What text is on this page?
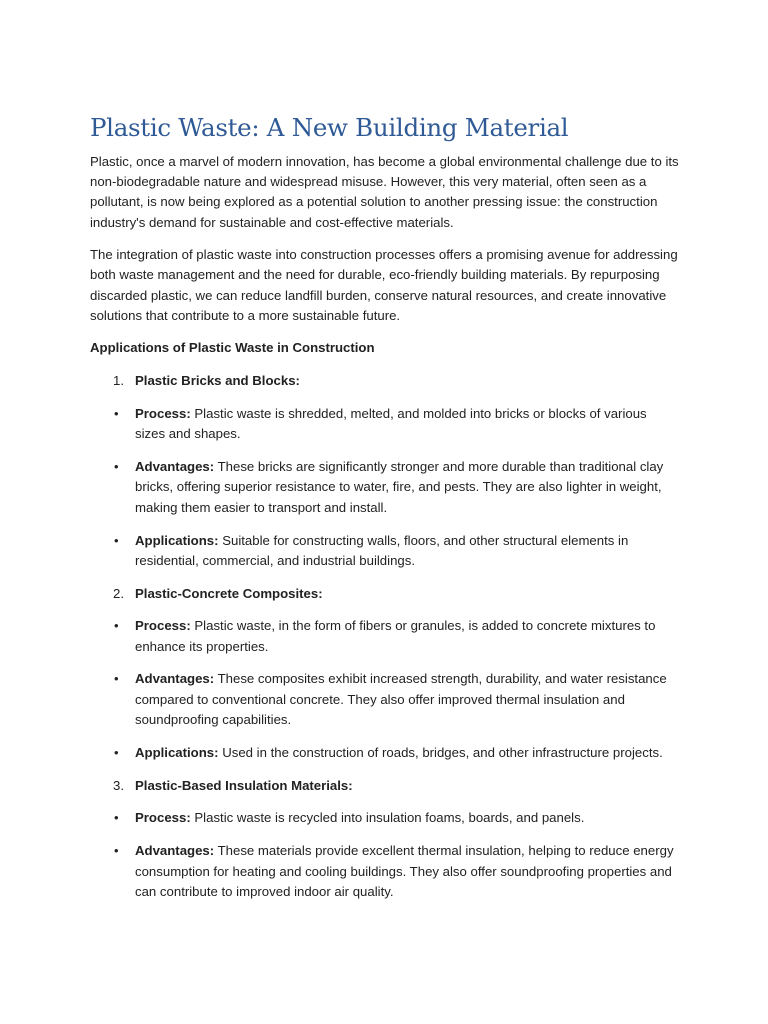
Plastic Waste: A New Building Material

Plastic, once a marvel of modern innovation, has become a global environmental challenge due to its non-biodegradable nature and widespread misuse. However, this very material, often seen as a pollutant, is now being explored as a potential solution to another pressing issue: the construction industry's demand for sustainable and cost-effective materials.

The integration of plastic waste into construction processes offers a promising avenue for addressing both waste management and the need for durable, eco-friendly building materials. By repurposing discarded plastic, we can reduce landfill burden, conserve natural resources, and create innovative solutions that contribute to a more sustainable future.

Applications of Plastic Waste in Construction
1. Plastic Bricks and Blocks:
• Process: Plastic waste is shredded, melted, and molded into bricks or blocks of various sizes and shapes.
• Advantages: These bricks are significantly stronger and more durable than traditional clay bricks, offering superior resistance to water, fire, and pests. They are also lighter in weight, making them easier to transport and install.
• Applications: Suitable for constructing walls, floors, and other structural elements in residential, commercial, and industrial buildings.
2. Plastic-Concrete Composites:
• Process: Plastic waste, in the form of fibers or granules, is added to concrete mixtures to enhance its properties.
• Advantages: These composites exhibit increased strength, durability, and water resistance compared to conventional concrete. They also offer improved thermal insulation and soundproofing capabilities.
• Applications: Used in the construction of roads, bridges, and other infrastructure projects.
3. Plastic-Based Insulation Materials:
• Process: Plastic waste is recycled into insulation foams, boards, and panels.
• Advantages: These materials provide excellent thermal insulation, helping to reduce energy consumption for heating and cooling buildings. They also offer soundproofing properties and can contribute to improved indoor air quality.
